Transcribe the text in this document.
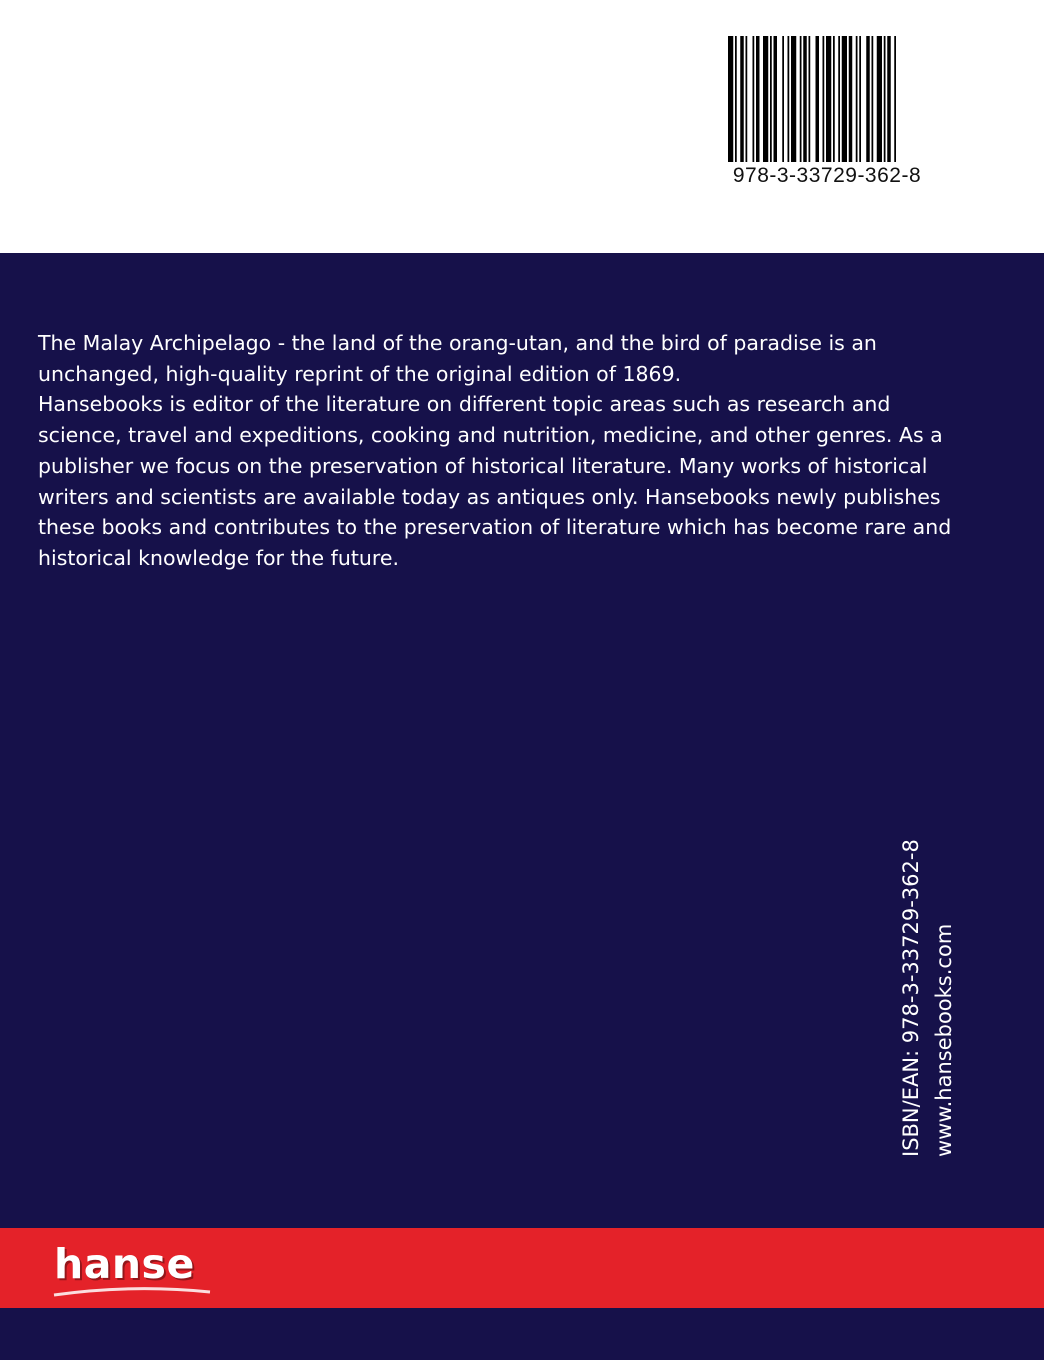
978-3-33729-362-8

The Malay Archipelago - the land of the orang-utan, and the bird of paradise is an unchanged, high-quality reprint of the original edition of 1869.

Hansebooks is editor of the literature on different topic areas such as research and science, travel and expeditions, cooking and nutrition, medicine, and other genres. As a publisher we focus on the preservation of historical literature. Many works of historical writers and scientists are available today as antiques only. Hansebooks newly publishes these books and contributes to the preservation of literature which has become rare and historical knowledge for the future.

ISBN/EAN: 978-3-33729-362-8 www.hansebooks.com
hanse
